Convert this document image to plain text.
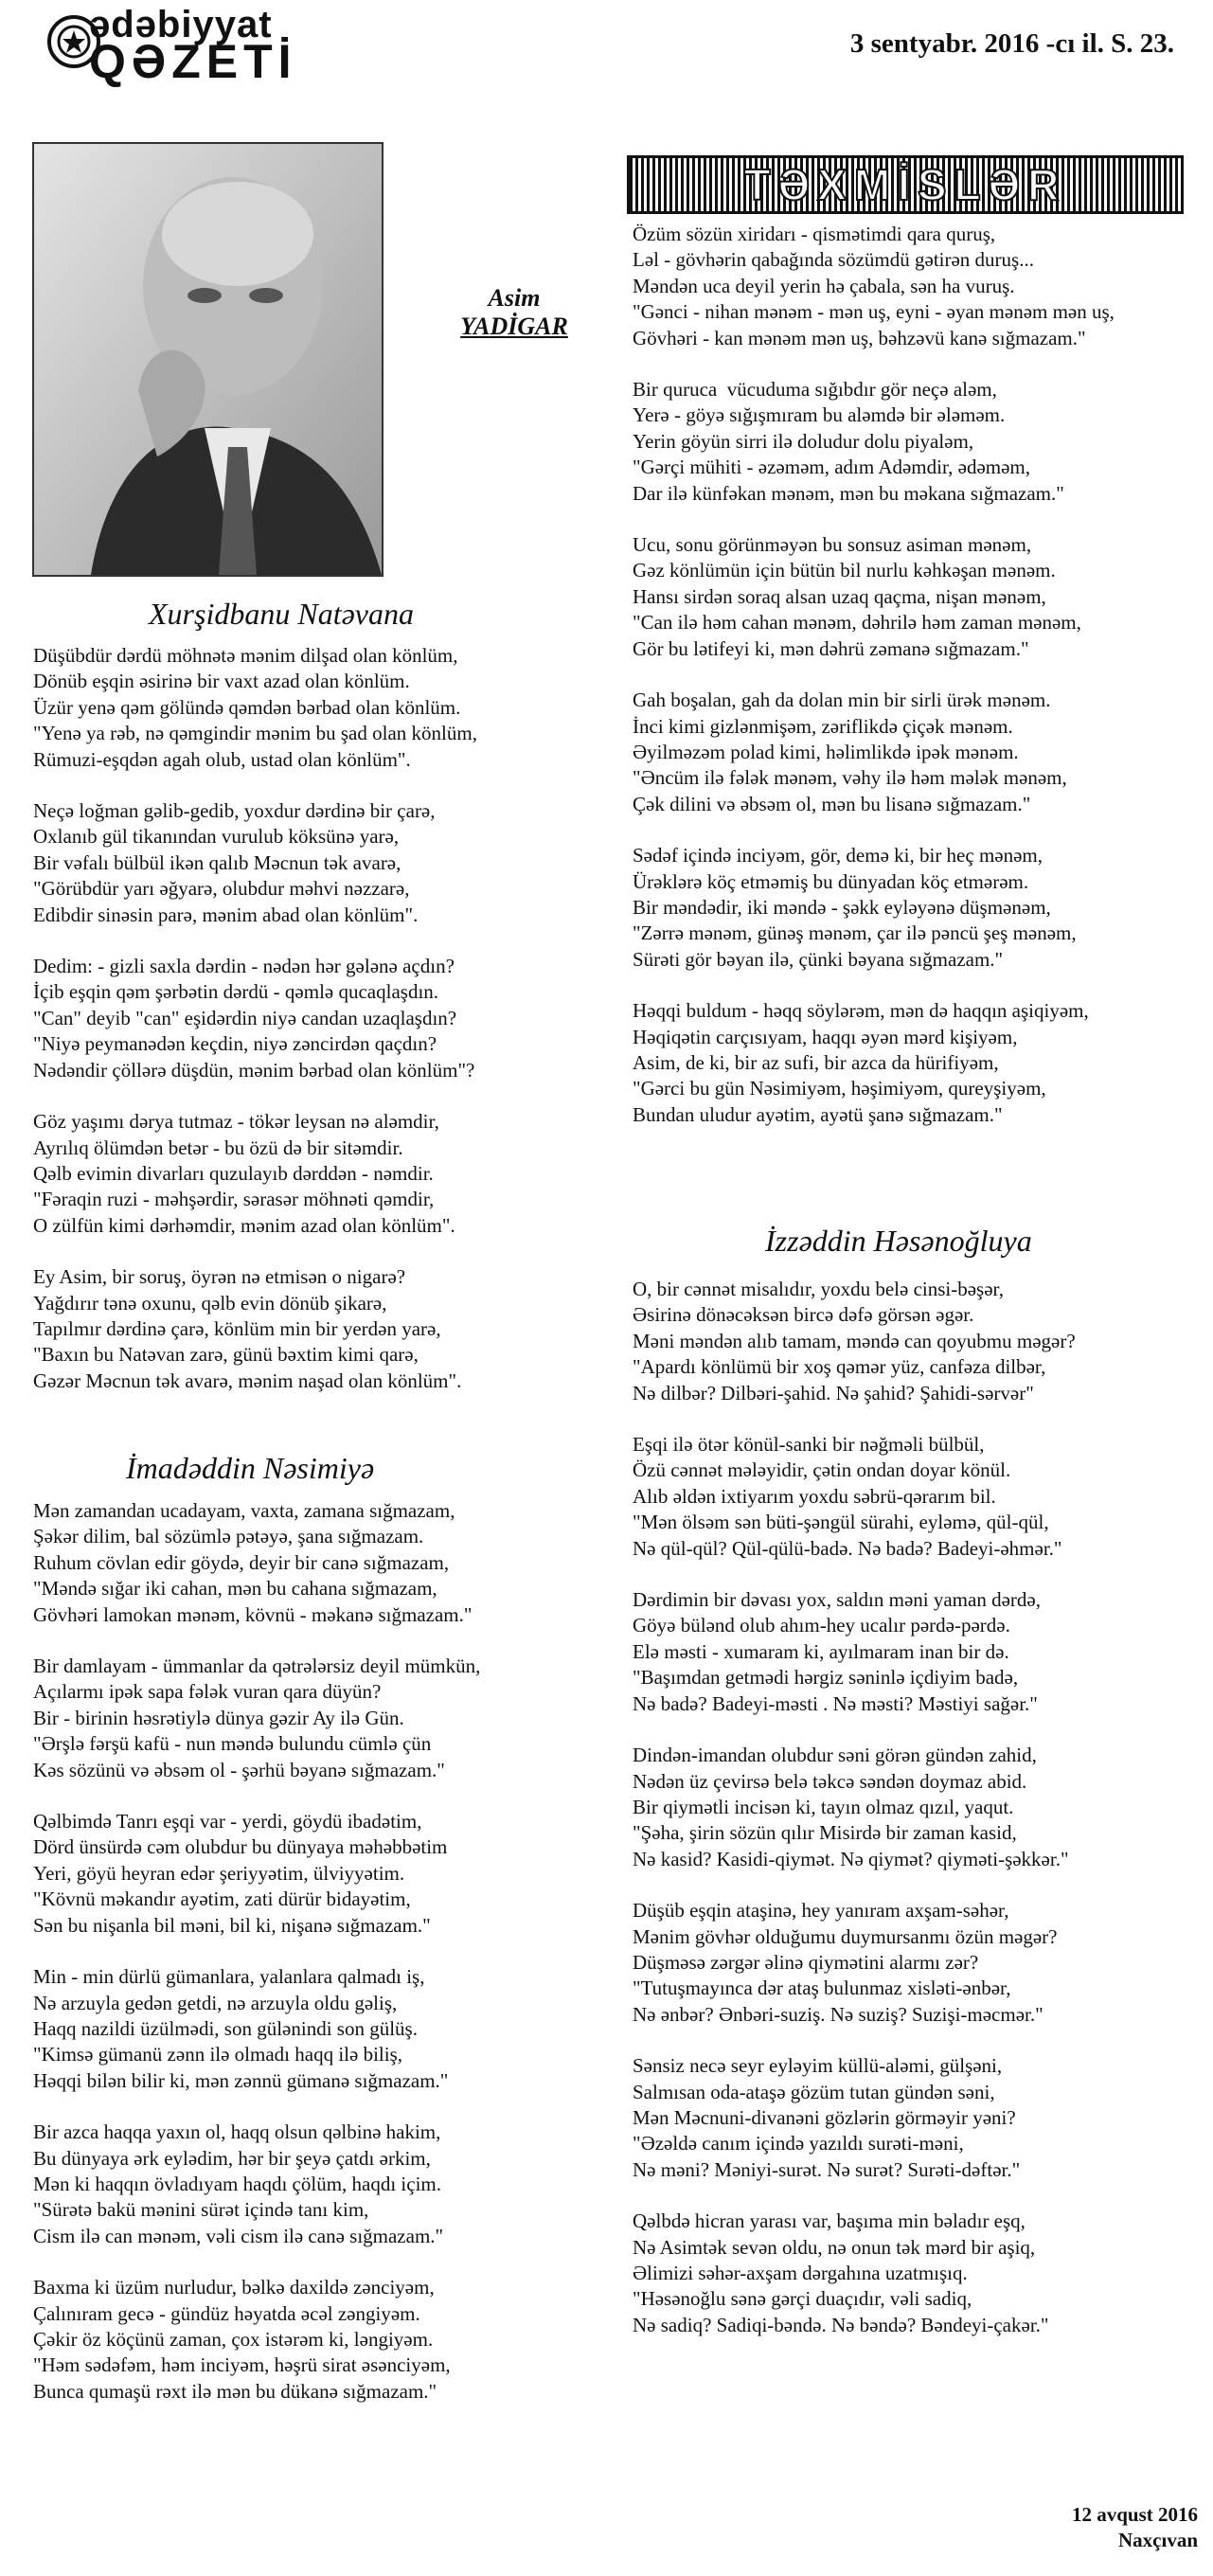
ədəbiyyat
QƏZETİ	3 sentyabr. 2016 -cı il. S. 23.
Asim
YADİGAR
TƏXMİSLƏR
Xurşidbanu Natəvana
İmadəddin Nəsimiyə
İzzəddin Həsənoğluya
Düşübdür dərdü möhnətə mənim dilşad olan könlüm,
Dönüb eşqin əsirinə bir vaxt azad olan könlüm.
Üzür yenə qəm gölündə qəmdən bərbad olan könlüm.
"Yenə ya rəb, nə qəmgindir mənim bu şad olan könlüm,
Rümuzi-eşqdən agah olub, ustad olan könlüm".
Neçə loğman gəlib-gedib, yoxdur dərdinə bir çarə,
Oxlanıb gül tikanından vurulub köksünə yarə,
Bir vəfalı bülbül ikən qalıb Məcnun tək avarə,
"Görübdür yarı əğyarə, olubdur məhvi nəzzarə,
Edibdir sinəsin parə, mənim abad olan könlüm".
Dedim: - gizli saxla dərdin - nədən hər gələnə açdın?
İçib eşqin qəm şərbətin dərdü - qəmlə qucaqlaşdın.
"Can" deyib "can" eşidərdin niyə candan uzaqlaşdın?
"Niyə peymanədən keçdin, niyə zəncirdən qaçdın?
Nədəndir çöllərə düşdün, mənim bərbad olan könlüm"?
Göz yaşımı dərya tutmaz - tökər leysan nə aləmdir,
Ayrılıq ölümdən betər - bu özü də bir sitəmdir.
Qəlb evimin divarları quzulayıb dərddən - nəmdir.
"Fəraqin ruzi - məhşərdir, sərasər möhnəti qəmdir,
O zülfün kimi dərhəmdir, mənim azad olan könlüm".
Ey Asim, bir soruş, öyrən nə etmisən o nigarə?
Yağdırır tənə oxunu, qəlb evin dönüb şikarə,
Tapılmır dərdinə çarə, könlüm min bir yerdən yarə,
"Baxın bu Natəvan zarə, günü bəxtim kimi qarə,
Gəzər Məcnun tək avarə, mənim naşad olan könlüm".
Mən zamandan ucadayam, vaxta, zamana sığmazam,
Şəkər dilim, bal sözümlə pətəyə, şana sığmazam.
Ruhum cövlan edir göydə, deyir bir canə sığmazam,
"Məndə sığar iki cahan, mən bu cahana sığmazam,
Gövhəri lamokan mənəm, kövnü - məkanə sığmazam."
Bir damlayam - ümmanlar da qətrələrsiz deyil mümkün,
Açılarmı ipək sapa fələk vuran qara düyün?
Bir - birinin həsrətiylə dünya gəzir Ay ilə Gün.
"Ərşlə fərşü kafü - nun məndə bulundu cümlə çün
Kəs sözünü və əbsəm ol - şərhü bəyanə sığmazam."
Qəlbimdə Tanrı eşqi var - yerdi, göydü ibadətim,
Dörd ünsürdə cəm olubdur bu dünyaya məhəbbətim
Yeri, göyü heyran edər şeriyyətim, ülviyyətim.
"Kövnü məkandır ayətim, zati dürür bidayətim,
Sən bu nişanla bil məni, bil ki, nişanə sığmazam."
Min - min dürlü gümanlara, yalanlara qalmadı iş,
Nə arzuyla gedən getdi, nə arzuyla oldu gəliş,
Haqq nazildi üzülmədi, son gülənindi son gülüş.
"Kimsə gümanü zənn ilə olmadı haqq ilə biliş,
Həqqi bilən bilir ki, mən zənnü gümanə sığmazam."
Bir azca haqqa yaxın ol, haqq olsun qəlbinə hakim,
Bu dünyaya ərk eylədim, hər bir şeyə çatdı ərkim,
Mən ki haqqın övladıyam haqdı çölüm, haqdı içim.
"Sürətə bakü mənini sürət içində tanı kim,
Cism ilə can mənəm, vəli cism ilə canə sığmazam."
Baxma ki üzüm nurludur, bəlkə daxildə zənciyəm,
Çalınıram gecə - gündüz həyatda əcəl zəngiyəm.
Çəkir öz köçünü zaman, çox istərəm ki, ləngiyəm.
"Həm sədəfəm, həm inciyəm, həşrü sirat əsənciyəm,
Bunca qumaşü rəxt ilə mən bu dükanə sığmazam."
Özüm sözün xiridarı - qismətimdi qara quruş,
Ləl - gövhərin qabağında sözümdü gətirən duruş...
Məndən uca deyil yerin hə çabala, sən ha vuruş.
"Gənci - nihan mənəm - mən uş, eyni - əyan mənəm mən uş,
Gövhəri - kan mənəm mən uş, bəhzəvü kanə sığmazam."
Bir quruca  vücuduma sığıbdır gör neçə aləm,
Yerə - göyə sığışmıram bu aləmdə bir ələməm.
Yerin göyün sirri ilə doludur dolu piyaləm,
"Gərçi mühiti - əzəməm, adım Adəmdir, ədəməm,
Dar ilə künfəkan mənəm, mən bu məkana sığmazam."
Ucu, sonu görünməyən bu sonsuz asiman mənəm,
Gəz könlümün için bütün bil nurlu kəhkəşan mənəm.
Hansı sirdən soraq alsan uzaq qaçma, nişan mənəm,
"Can ilə həm cahan mənəm, dəhrilə həm zaman mənəm,
Gör bu lətifeyi ki, mən dəhrü zəmanə sığmazam."
Gah boşalan, gah da dolan min bir sirli ürək mənəm.
İnci kimi gizlənmişəm, zəriflikdə çiçək mənəm.
Əyilməzəm polad kimi, həlimlikdə ipək mənəm.
"Əncüm ilə fələk mənəm, vəhy ilə həm mələk mənəm,
Çək dilini və əbsəm ol, mən bu lisanə sığmazam."
Sədəf içində inciyəm, gör, demə ki, bir heç mənəm,
Ürəklərə köç etməmiş bu dünyadan köç etmərəm.
Bir məndədir, iki məndə - şəkk eyləyənə düşmənəm,
"Zərrə mənəm, günəş mənəm, çar ilə pəncü şeş mənəm,
Sürəti gör bəyan ilə, çünki bəyana sığmazam."
Həqqi buldum - həqq söylərəm, mən də haqqın aşiqiyəm,
Həqiqətin carçısıyam, haqqı əyən mərd kişiyəm,
Asim, de ki, bir az sufi, bir azca da hürifiyəm,
"Gərci bu gün Nəsimiyəm, həşimiyəm, qureyşiyəm,
Bundan uludur ayətim, ayətü şanə sığmazam."
O, bir cənnət misalıdır, yoxdu belə cinsi-bəşər,
Əsirinə dönəcəksən bircə dəfə görsən əgər.
Məni məndən alıb tamam, məndə can qoyubmu məgər?
"Apardı könlümü bir xoş qəmər yüz, canfəza dilbər,
Nə dilbər? Dilbəri-şahid. Nə şahid? Şahidi-sərvər"
Eşqi ilə ötər könül-sanki bir nəğməli bülbül,
Özü cənnət mələyidir, çətin ondan doyar könül.
Alıb əldən ixtiyarım yoxdu səbrü-qərarım bil.
"Mən ölsəm sən büti-şəngül sürahi, eyləmə, qül-qül,
Nə qül-qül? Qül-qülü-badə. Nə badə? Badeyi-əhmər."
Dərdimin bir dəvası yox, saldın məni yaman dərdə,
Göyə bülənd olub ahım-hey ucalır pərdə-pərdə.
Elə məsti - xumaram ki, ayılmaram inan bir də.
"Başımdan getmədi hərgiz səninlə içdiyim badə,
Nə badə? Badeyi-məsti . Nə məsti? Məstiyi sağər."
Dindən-imandan olubdur səni görən gündən zahid,
Nədən üz çevirsə belə təkcə səndən doymaz abid.
Bir qiymətli incisən ki, tayın olmaz qızıl, yaqut.
"Şəha, şirin sözün qılır Misirdə bir zaman kasid,
Nə kasid? Kasidi-qiymət. Nə qiymət? qiyməti-şəkkər."
Düşüb eşqin ataşinə, hey yanıram axşam-səhər,
Mənim gövhər olduğumu duymursanmı özün məgər?
Düşməsə zərgər əlinə qiymətini alarmı zər?
"Tutuşmayınca dər ataş bulunmaz xisləti-ənbər,
Nə ənbər? Ənbəri-suziş. Nə suziş? Suzişi-məcmər."
Sənsiz necə seyr eyləyim küllü-aləmi, gülşəni,
Salmısan oda-ataşə gözüm tutan gündən səni,
Mən Məcnuni-divanəni gözlərin görməyir yəni?
"Əzəldə canım içində yazıldı surəti-məni,
Nə məni? Məniyi-surət. Nə surət? Surəti-dəftər."
Qəlbdə hicran yarası var, başıma min bəladır eşq,
Nə Asimtək sevən oldu, nə onun tək mərd bir aşiq,
Əlimizi səhər-axşam dərgahına uzatmışıq.
"Həsənoğlu sənə gərçi duaçıdır, vəli sadiq,
Nə sadiq? Sadiqi-bəndə. Nə bəndə? Bəndeyi-çakər."
12 avqust 2016
Naxçıvan
